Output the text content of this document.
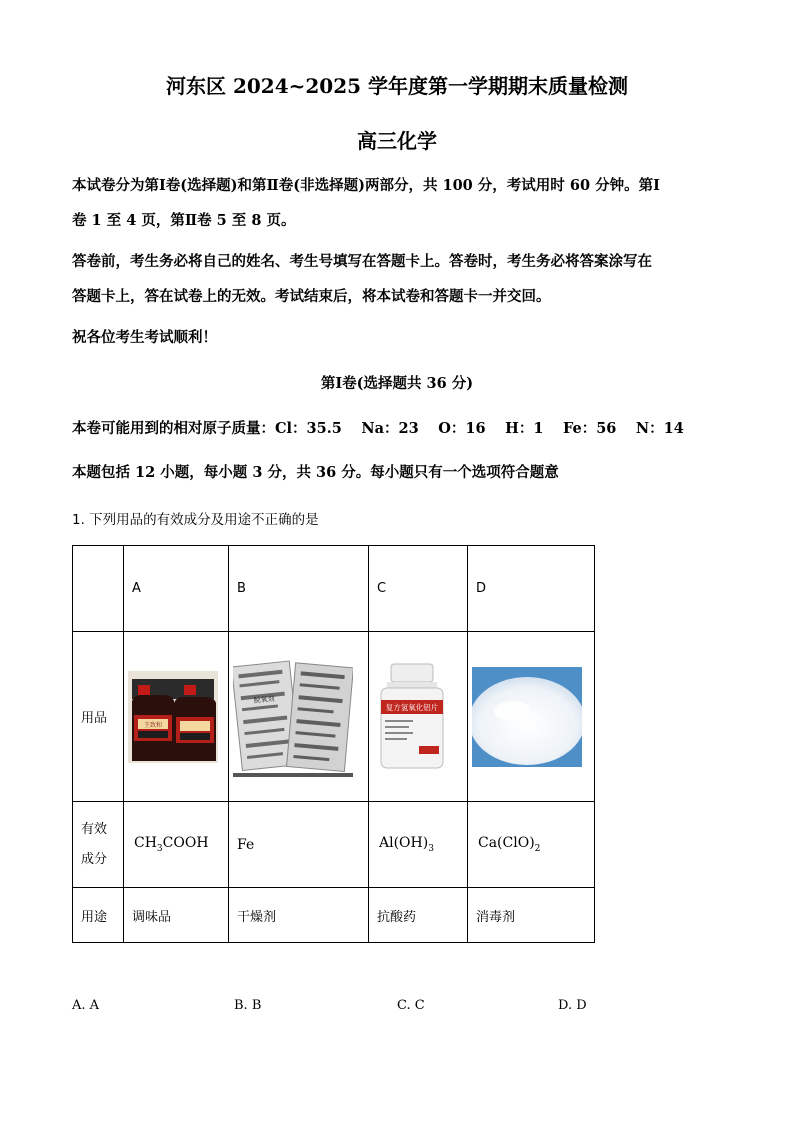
河东区 2024~2025 学年度第一学期期末质量检测
高三化学
本试卷分为第Ⅰ卷(选择题)和第Ⅱ卷(非选择题)两部分，共 100 分，考试用时 60 分钟。第Ⅰ
卷 1 至 4 页，第Ⅱ卷 5 至 8 页。
答卷前，考生务必将自己的姓名、考生号填写在答题卡上。答卷时，考生务必将答案涂写在
答题卡上，答在试卷上的无效。考试结束后，将本试卷和答题卡一并交回。
祝各位考生考试顺利！
第Ⅰ卷(选择题共 36 分)
本卷可能用到的相对原子质量：Cl：35.5　 Na：23　 O：16　 H：1　 Fe：56　 N：14
本题包括 12 小题，每小题 3 分，共 36 分。每小题只有一个选项符合题意
1. 下列用品的有效成分及用途不正确的是
	A	B	C	D
用品	王致和	脱氧剂	复方氢氧化铝片

有效
成分	$CH_3COOH$	Fe	$Al(OH)_3$	$Ca(ClO)_2$
用途	调味品	干燥剂	抗酸药	消毒剂
A. A	B. B	C. C	D. D
